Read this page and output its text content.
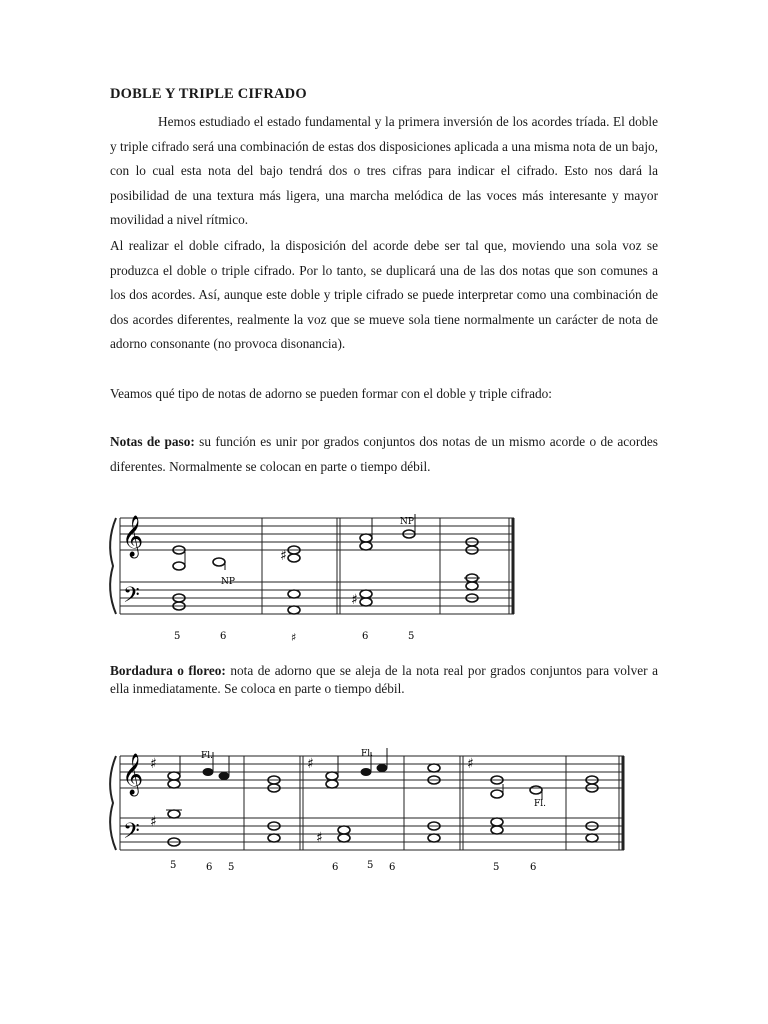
DOBLE Y TRIPLE CIFRADO

Hemos estudiado el estado fundamental y la primera inversión de los acordes tríada. El doble y triple cifrado será una combinación de estas dos disposiciones aplicada a una misma nota de un bajo, con lo cual esta nota del bajo tendrá dos o tres cifras para indicar el cifrado. Esto nos dará la posibilidad de una textura más ligera, una marcha melódica de las voces más interesante y mayor movilidad a nivel rítmico.

Al realizar el doble cifrado, la disposición del acorde debe ser tal que, moviendo una sola voz se produzca el doble o triple cifrado. Por lo tanto, se duplicará una de las dos notas que son comunes a los dos acordes. Así, aunque este doble y triple cifrado se puede interpretar como una combinación de dos acordes diferentes, realmente la voz que se mueve sola tiene normalmente un carácter de nota de adorno consonante (no provoca disonancia).

Veamos qué tipo de notas de adorno se pueden formar con el doble y triple cifrado:

Notas de paso: su función es unir por grados conjuntos dos notas de un mismo acorde o de acordes diferentes. Normalmente se colocan en parte o tiempo débil.

𝄞
𝄢
♯
♯
NP
NP
5	6	♯	6	5

Bordadura o floreo: nota de adorno que se aleja de la nota real por grados conjuntos para volver a ella inmediatamente. Se coloca en parte o tiempo débil.

𝄞
𝄢
♯
♯
♯	♯
♯
Fl.	Fl.
Fl.
5	6 5	6	5 6	5	6
